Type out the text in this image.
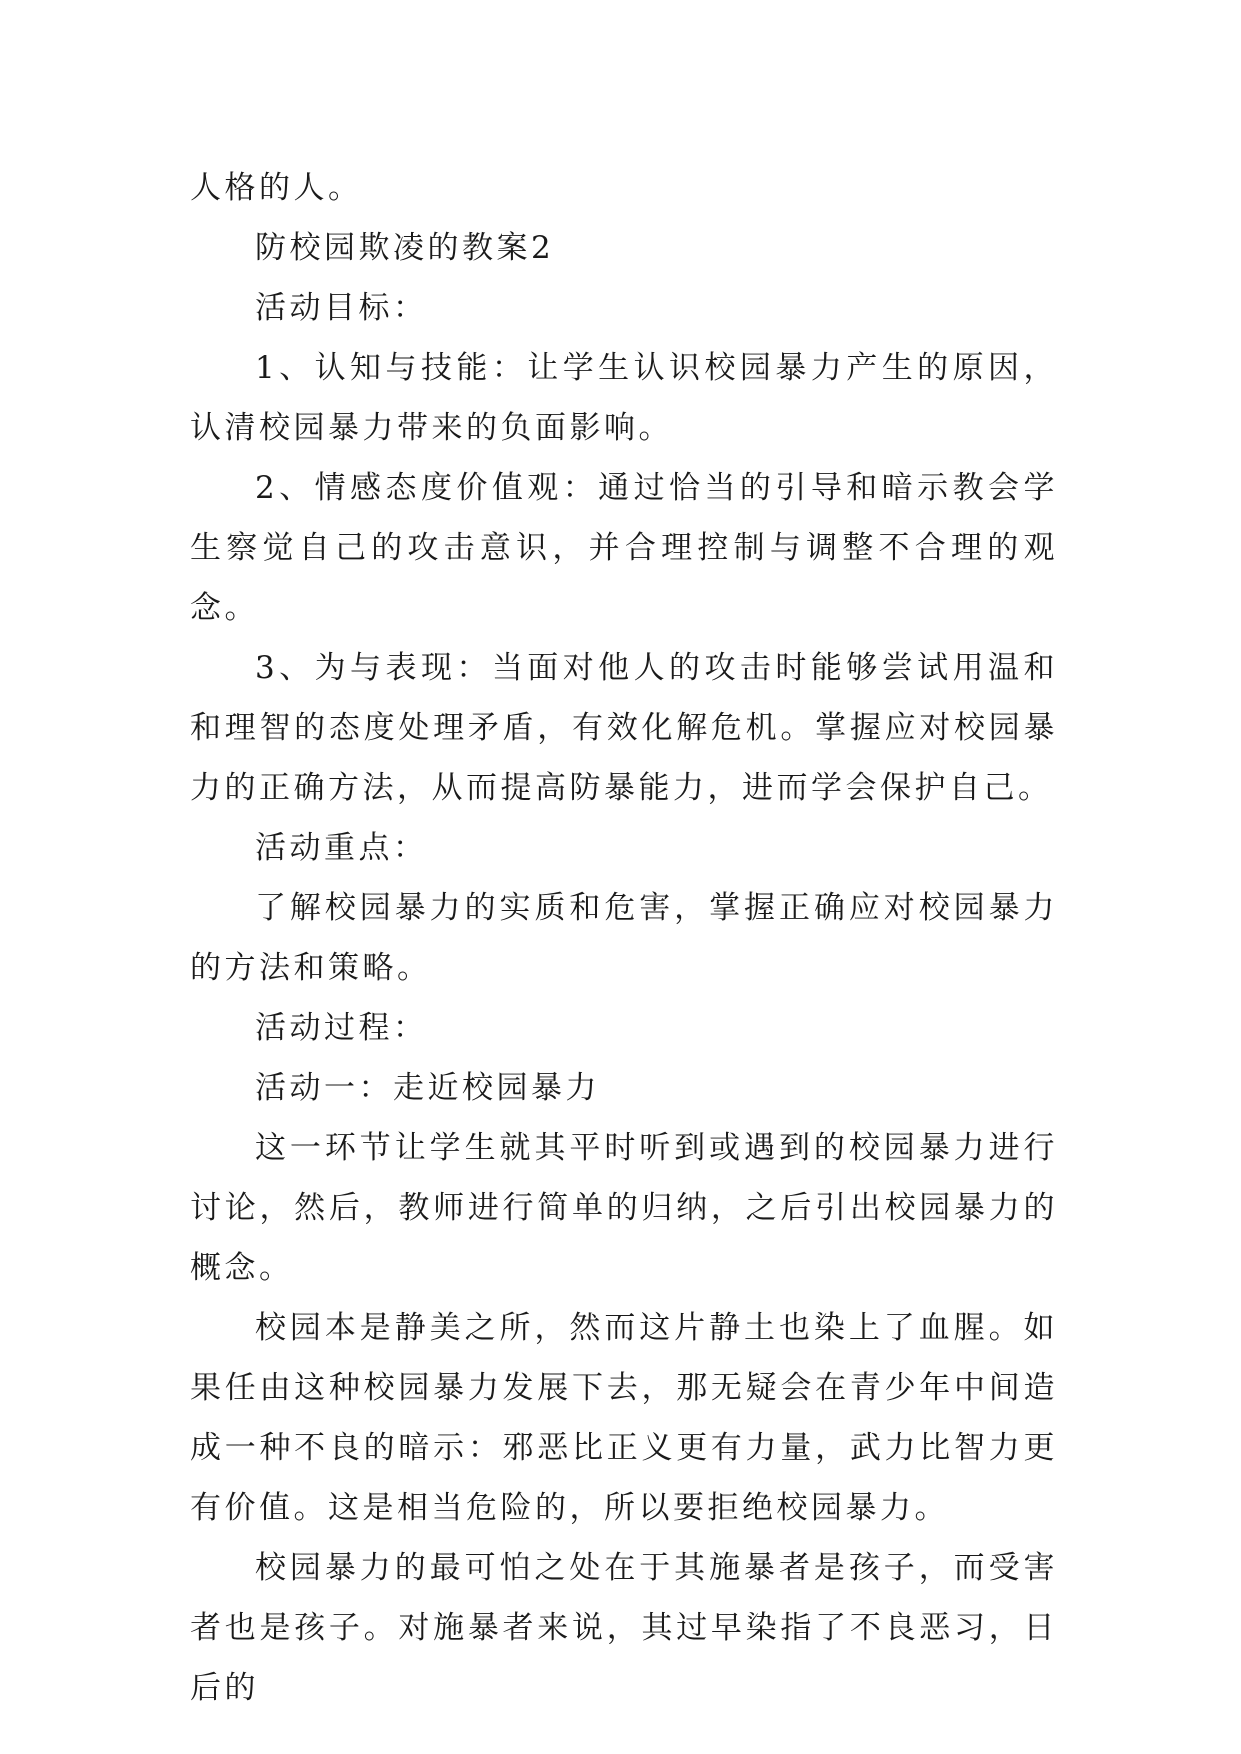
人格的人。

防校园欺凌的教案2

活动目标：

1、认知与技能：让学生认识校园暴力产生的原因，认清校园暴力带来的负面影响。

2、情感态度价值观：通过恰当的引导和暗示教会学生察觉自己的攻击意识，并合理控制与调整不合理的观念。

3、为与表现：当面对他人的攻击时能够尝试用温和和理智的态度处理矛盾，有效化解危机。掌握应对校园暴力的正确方法，从而提高防暴能力，进而学会保护自己。

活动重点：

了解校园暴力的实质和危害，掌握正确应对校园暴力的方法和策略。

活动过程：

活动一：走近校园暴力

这一环节让学生就其平时听到或遇到的校园暴力进行讨论，然后，教师进行简单的归纳，之后引出校园暴力的概念。

校园本是静美之所，然而这片静土也染上了血腥。如果任由这种校园暴力发展下去，那无疑会在青少年中间造成一种不良的暗示：邪恶比正义更有力量，武力比智力更有价值。这是相当危险的，所以要拒绝校园暴力。

校园暴力的最可怕之处在于其施暴者是孩子，而受害者也是孩子。对施暴者来说，其过早染指了不良恶习，日后的
